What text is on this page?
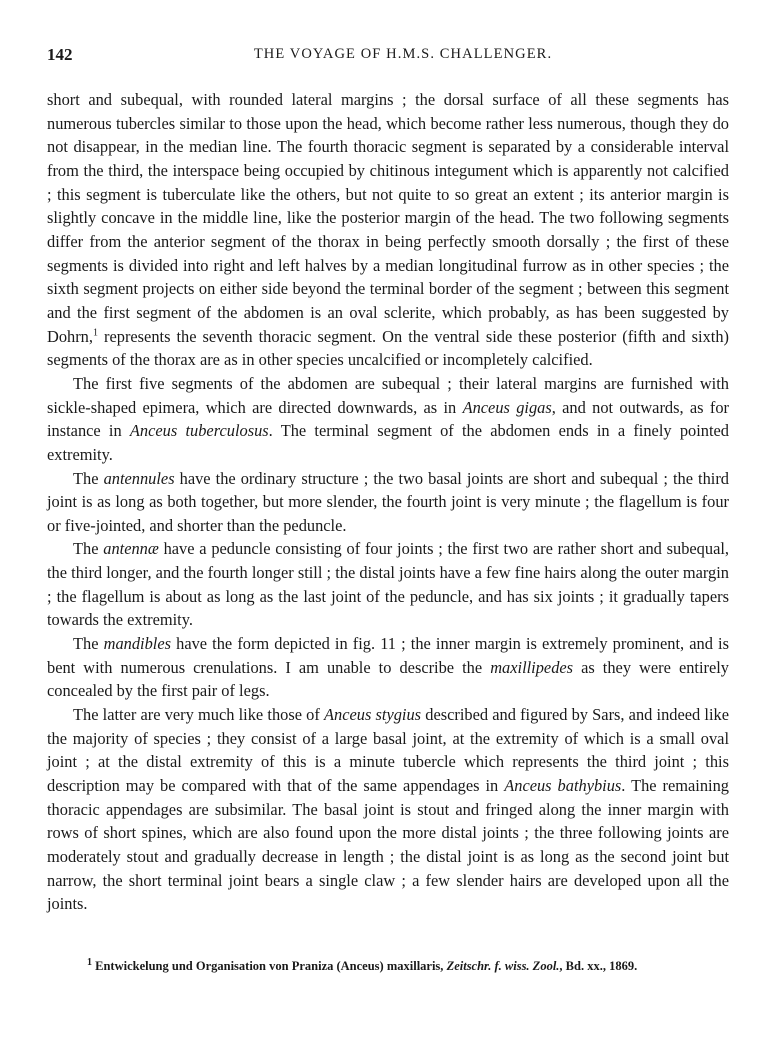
142	THE VOYAGE OF H.M.S. CHALLENGER.

short and subequal, with rounded lateral margins ; the dorsal surface of all these segments has numerous tubercles similar to those upon the head, which become rather less numerous, though they do not disappear, in the median line. The fourth thoracic segment is separated by a considerable interval from the third, the interspace being occupied by chitinous integument which is apparently not calcified ; this segment is tuberculate like the others, but not quite to so great an extent ; its anterior margin is slightly concave in the middle line, like the posterior margin of the head. The two following segments differ from the anterior segment of the thorax in being perfectly smooth dorsally ; the first of these segments is divided into right and left halves by a median longitudinal furrow as in other species ; the sixth segment projects on either side beyond the terminal border of the segment ; between this segment and the first segment of the abdomen is an oval sclerite, which probably, as has been suggested by Dohrn,$^1$ represents the seventh thoracic segment. On the ventral side these posterior (fifth and sixth) segments of the thorax are as in other species uncalcified or incompletely calcified.

The first five segments of the abdomen are subequal ; their lateral margins are furnished with sickle-shaped epimera, which are directed downwards, as in Anceus gigas, and not outwards, as for instance in Anceus tuberculosus. The terminal segment of the abdomen ends in a finely pointed extremity.

The antennules have the ordinary structure ; the two basal joints are short and subequal ; the third joint is as long as both together, but more slender, the fourth joint is very minute ; the flagellum is four or five-jointed, and shorter than the peduncle.

The antennæ have a peduncle consisting of four joints ; the first two are rather short and subequal, the third longer, and the fourth longer still ; the distal joints have a few fine hairs along the outer margin ; the flagellum is about as long as the last joint of the peduncle, and has six joints ; it gradually tapers towards the extremity.

The mandibles have the form depicted in fig. 11 ; the inner margin is extremely prominent, and is bent with numerous crenulations. I am unable to describe the maxillipedes as they were entirely concealed by the first pair of legs.

The latter are very much like those of Anceus stygius described and figured by Sars, and indeed like the majority of species ; they consist of a large basal joint, at the extremity of which is a small oval joint ; at the distal extremity of this is a minute tubercle which represents the third joint ; this description may be compared with that of the same appendages in Anceus bathybius. The remaining thoracic appendages are subsimilar. The basal joint is stout and fringed along the inner margin with rows of short spines, which are also found upon the more distal joints ; the three following joints are moderately stout and gradually decrease in length ; the distal joint is as long as the second joint but narrow, the short terminal joint bears a single claw ; a few slender hairs are developed upon all the joints.

$^1$ Entwickelung und Organisation von Praniza (Anceus) maxillaris, Zeitschr. f. wiss. Zool., Bd. xx., 1869.
